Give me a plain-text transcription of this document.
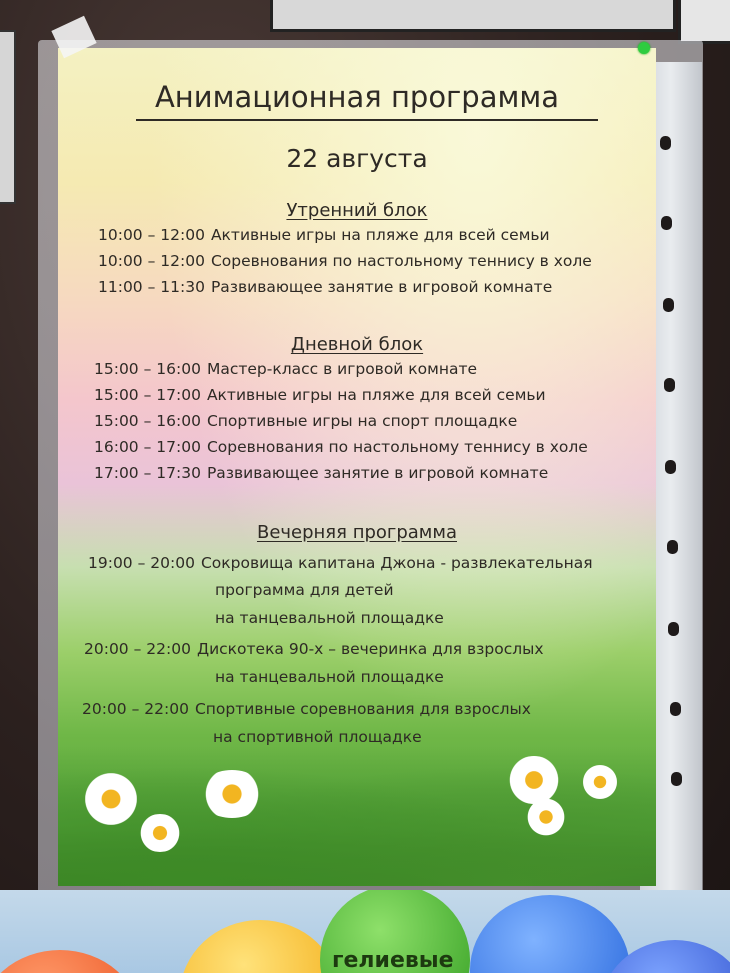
Анимационная программа
22 августа
Утренний блок
10:00 – 12:00 Активные игры на пляже для всей семьи
10:00 – 12:00 Соревнования по настольному теннису в холе
11:00 – 11:30 Развивающее занятие в игровой комнате
Дневной блок
15:00 – 16:00 Мастер-класс в игровой комнате
15:00 – 17:00 Активные игры на пляже для всей семьи
15:00 – 16:00 Спортивные игры на спорт площадке
16:00 – 17:00 Соревнования по настольному теннису в холе
17:00 – 17:30 Развивающее занятие в игровой комнате
Вечерняя программа
19:00 – 20:00 Сокровища капитана Джона - развлекательная
программа для детей
на танцевальной площадке
20:00 – 22:00 Дискотека 90-х – вечеринка для взрослых
на танцевальной площадке
20:00 – 22:00 Спортивные соревнования для взрослых
на спортивной площадке
гелиевые
